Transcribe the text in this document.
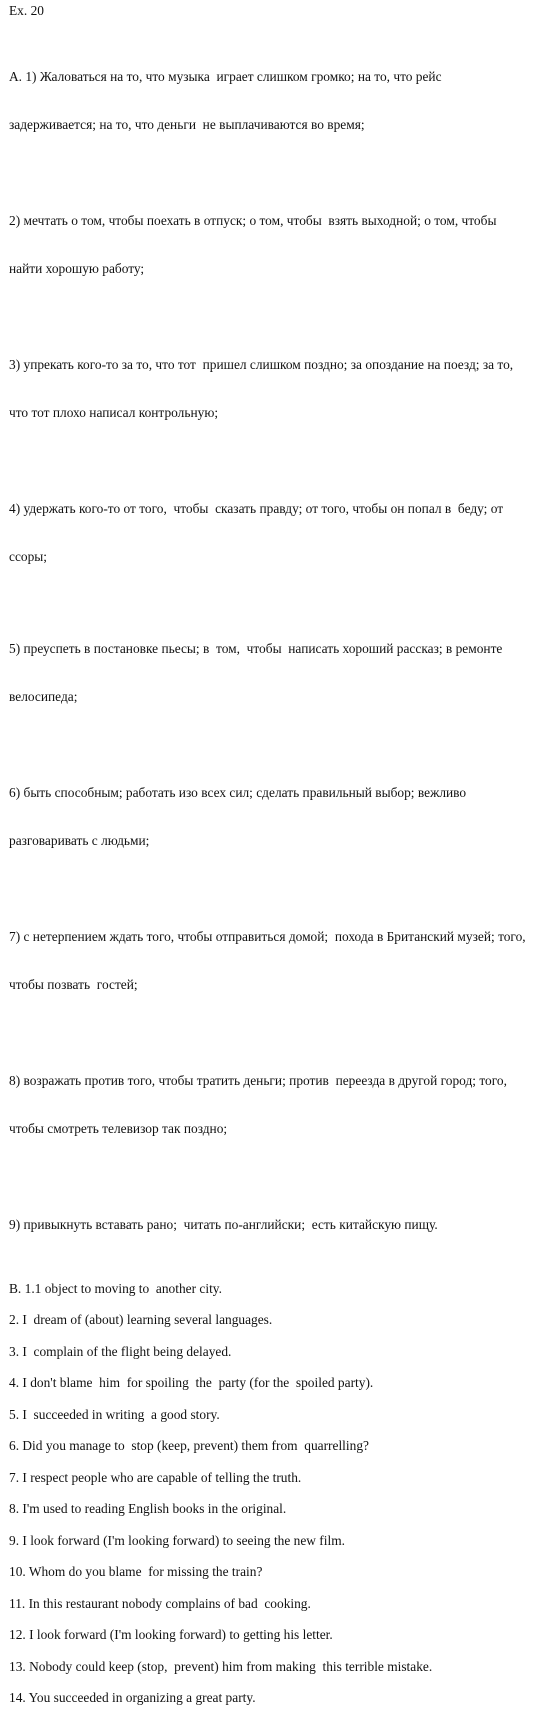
Ex. 20

A. 1) Жаловаться на то, что музыка  играет слишком громко; на то, что рейс

задерживается; на то, что деньги  не выплачиваются во время;

2) мечтать о том, чтобы поехать в отпуск; о том, чтобы  взять выходной; о том, чтобы

найти хорошую работу;

3) упрекать кого-то за то, что тот  пришел слишком поздно; за опоздание на поезд; за то,

что тот плохо написал контрольную;

4) удержать кого-то от того,  чтобы  сказать правду; от того, чтобы он попал в  беду; от

ссоры;

5) преуспеть в постановке пьесы; в  том,  чтобы  написать хороший рассказ; в ремонте

велосипеда;

6) быть способным; работать изо всех сил; сделать правильный выбор; вежливо

разговаривать с людьми;

7) с нетерпением ждать того, чтобы отправиться домой;  похода в Британский музей; того,

чтобы позвать  гостей;

8) возражать против того, чтобы тратить деньги; против  переезда в другой город; того,

чтобы смотреть телевизор так поздно;

9) привыкнуть вставать рано;  читать по-английски;  есть китайскую пищу.

B. 1.1 object to moving to  another city.
2. I  dream of (about) learning several languages.
3. I  complain of the flight being delayed.
4. I don't blame  him  for spoiling  the  party (for the  spoiled party).
5. I  succeeded in writing  a good story.
6. Did you manage to  stop (keep, prevent) them from  quarrelling?
7. I respect people who are capable of telling the truth.
8. I'm used to reading English books in the original.
9. I look forward (I'm looking forward) to seeing the new film.
10. Whom do you blame  for missing the train?
11. In this restaurant nobody complains of bad  cooking.
12. I look forward (I'm looking forward) to getting his letter.
13. Nobody could keep (stop,  prevent) him from making  this terrible mistake.
14. You succeeded in organizing a great party.
